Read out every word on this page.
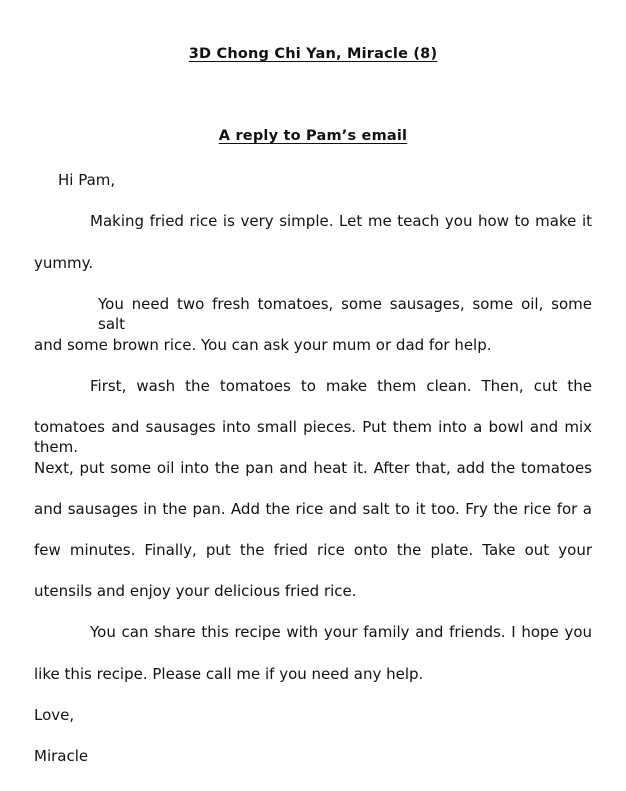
3D Chong Chi Yan, Miracle (8)
A reply to Pam’s email
Hi Pam,
Making fried rice is very simple. Let me teach you how to make it
yummy.
You need two fresh tomatoes, some sausages, some oil, some salt
and some brown rice. You can ask your mum or dad for help.
First, wash the tomatoes to make them clean. Then, cut the
tomatoes and sausages into small pieces. Put them into a bowl and mix them.
Next, put some oil into the pan and heat it. After that, add the tomatoes
and sausages in the pan. Add the rice and salt to it too. Fry the rice for a
few minutes. Finally, put the fried rice onto the plate. Take out your
utensils and enjoy your delicious fried rice.
You can share this recipe with your family and friends. I hope you
like this recipe. Please call me if you need any help.
Love,
Miracle
